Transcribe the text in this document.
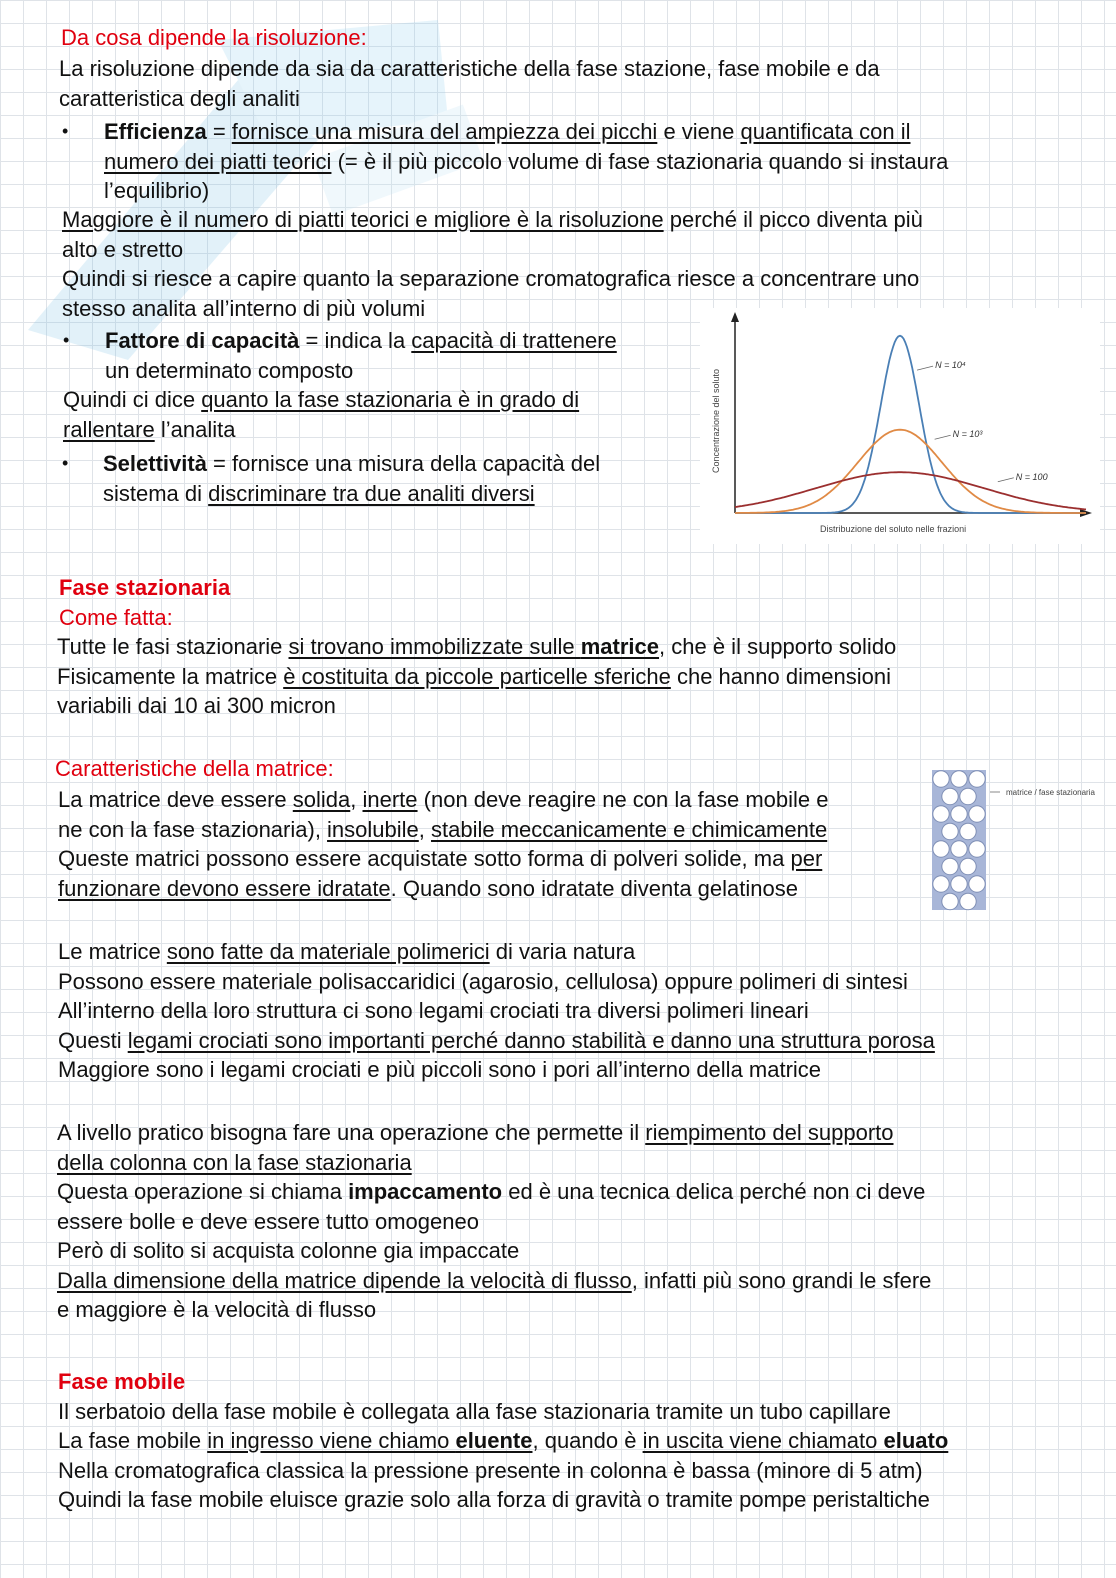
Da cosa dipende la risoluzione:
La risoluzione dipende da sia da caratteristiche della fase stazione, fase mobile e da
caratteristica degli analiti
• Efficienza = fornisce una misura del ampiezza dei picchi e viene quantificata con il
numero dei piatti teorici (= è il più piccolo volume di fase stazionaria quando si instaura
l’equilibrio)
Maggiore è il numero di piatti teorici e migliore è la risoluzione perché il picco diventa più
alto e stretto
Quindi si riesce a capire quanto la separazione cromatografica riesce a concentrare uno
stesso analita all’interno di più volumi
• Fattore di capacità = indica la capacità di trattenere
un determinato composto
Quindi ci dice quanto la fase stazionaria è in grado di
rallentare l’analita
• Selettività = fornisce una misura della capacità del
sistema di discriminare tra due analiti diversi
N = 10⁴
N = 10³
N = 100
Concentrazione del soluto
Distribuzione del soluto nelle frazioni
Fase stazionaria
Come fatta:
Tutte le fasi stazionarie si trovano immobilizzate sulle matrice, che è il supporto solido
Fisicamente la matrice è costituita da piccole particelle sferiche che hanno dimensioni
variabili dai 10 ai 300 micron
Caratteristiche della matrice:
La matrice deve essere solida, inerte (non deve reagire ne con la fase mobile e
ne con la fase stazionaria), insolubile, stabile meccanicamente e chimicamente
Queste matrici possono essere acquistate sotto forma di polveri solide, ma per
funzionare devono essere idratate. Quando sono idratate diventa gelatinose
matrice / fase stazionaria
Le matrice sono fatte da materiale polimerici di varia natura
Possono essere materiale polisaccaridici (agarosio, cellulosa) oppure polimeri di sintesi
All’interno della loro struttura ci sono legami crociati tra diversi polimeri lineari
Questi legami crociati sono importanti perché danno stabilità e danno una struttura porosa
Maggiore sono i legami crociati e più piccoli sono i pori all’interno della matrice
A livello pratico bisogna fare una operazione che permette il riempimento del supporto
della colonna con la fase stazionaria
Questa operazione si chiama impaccamento ed è una tecnica delica perché non ci deve
essere bolle e deve essere tutto omogeneo
Però di solito si acquista colonne gia impaccate
Dalla dimensione della matrice dipende la velocità di flusso, infatti più sono grandi le sfere
e maggiore è la velocità di flusso
Fase mobile
Il serbatoio della fase mobile è collegata alla fase stazionaria tramite un tubo capillare
La fase mobile in ingresso viene chiamo eluente, quando è in uscita viene chiamato eluato
Nella cromatografica classica la pressione presente in colonna è bassa (minore di 5 atm)
Quindi la fase mobile eluisce grazie solo alla forza di gravità o tramite pompe peristaltiche
